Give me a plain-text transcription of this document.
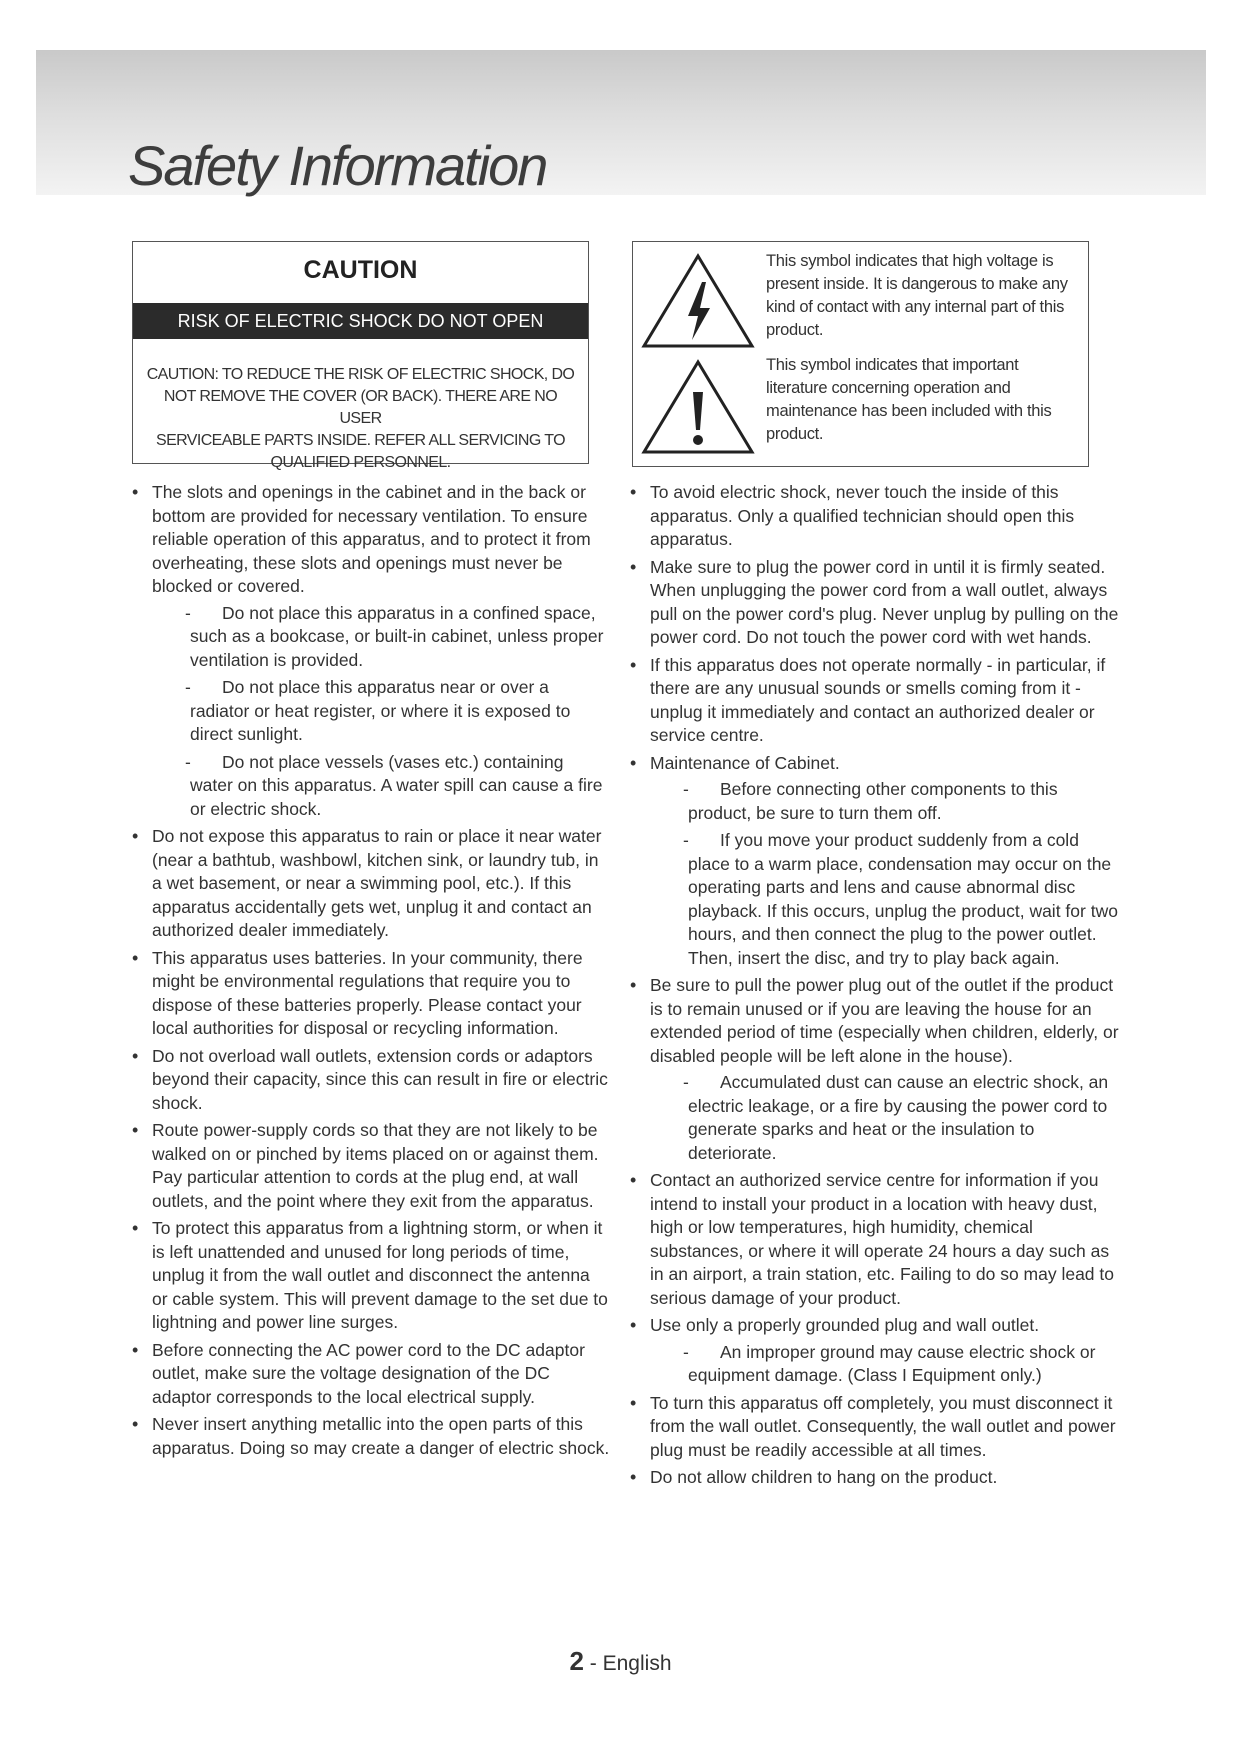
Safety Information
CAUTION
RISK OF ELECTRIC SHOCK DO NOT OPEN
CAUTION: TO REDUCE THE RISK OF ELECTRIC SHOCK, DO
NOT REMOVE THE COVER (OR BACK). THERE ARE NO USER
SERVICEABLE PARTS INSIDE. REFER ALL SERVICING TO
QUALIFIED PERSONNEL.
This symbol indicates that high voltage is present inside. It is dangerous to make any kind of contact with any internal part of this product.
This symbol indicates that important literature concerning operation and maintenance has been included with this product.
• The slots and openings in the cabinet and in the back or bottom are provided for necessary ventilation. To ensure reliable operation of this apparatus, and to protect it from overheating, these slots and openings must never be blocked or covered.
- Do not place this apparatus in a confined space, such as a bookcase, or built-in cabinet, unless proper ventilation is provided.
- Do not place this apparatus near or over a radiator or heat register, or where it is exposed to direct sunlight.
- Do not place vessels (vases etc.) containing water on this apparatus. A water spill can cause a fire or electric shock.
• Do not expose this apparatus to rain or place it near water (near a bathtub, washbowl, kitchen sink, or laundry tub, in a wet basement, or near a swimming pool, etc.). If this apparatus accidentally gets wet, unplug it and contact an authorized dealer immediately.
• This apparatus uses batteries. In your community, there might be environmental regulations that require you to dispose of these batteries properly. Please contact your local authorities for disposal or recycling information.
• Do not overload wall outlets, extension cords or adaptors beyond their capacity, since this can result in fire or electric shock.
• Route power-supply cords so that they are not likely to be walked on or pinched by items placed on or against them. Pay particular attention to cords at the plug end, at wall outlets, and the point where they exit from the apparatus.
• To protect this apparatus from a lightning storm, or when it is left unattended and unused for long periods of time, unplug it from the wall outlet and disconnect the antenna or cable system. This will prevent damage to the set due to lightning and power line surges.
• Before connecting the AC power cord to the DC adaptor outlet, make sure the voltage designation of the DC adaptor corresponds to the local electrical supply.
• Never insert anything metallic into the open parts of this apparatus. Doing so may create a danger of electric shock.
• To avoid electric shock, never touch the inside of this apparatus. Only a qualified technician should open this apparatus.
• Make sure to plug the power cord in until it is firmly seated. When unplugging the power cord from a wall outlet, always pull on the power cord's plug. Never unplug by pulling on the power cord. Do not touch the power cord with wet hands.
• If this apparatus does not operate normally - in particular, if there are any unusual sounds or smells coming from it - unplug it immediately and contact an authorized dealer or service centre.
• Maintenance of Cabinet.
- Before connecting other components to this product, be sure to turn them off.
- If you move your product suddenly from a cold place to a warm place, condensation may occur on the operating parts and lens and cause abnormal disc playback. If this occurs, unplug the product, wait for two hours, and then connect the plug to the power outlet. Then, insert the disc, and try to play back again.
• Be sure to pull the power plug out of the outlet if the product is to remain unused or if you are leaving the house for an extended period of time (especially when children, elderly, or disabled people will be left alone in the house).
- Accumulated dust can cause an electric shock, an electric leakage, or a fire by causing the power cord to generate sparks and heat or the insulation to deteriorate.
• Contact an authorized service centre for information if you intend to install your product in a location with heavy dust, high or low temperatures, high humidity, chemical substances, or where it will operate 24 hours a day such as in an airport, a train station, etc. Failing to do so may lead to serious damage of your product.
• Use only a properly grounded plug and wall outlet.
- An improper ground may cause electric shock or equipment damage. (Class I Equipment only.)
• To turn this apparatus off completely, you must disconnect it from the wall outlet. Consequently, the wall outlet and power plug must be readily accessible at all times.
• Do not allow children to hang on the product.
2 - English
